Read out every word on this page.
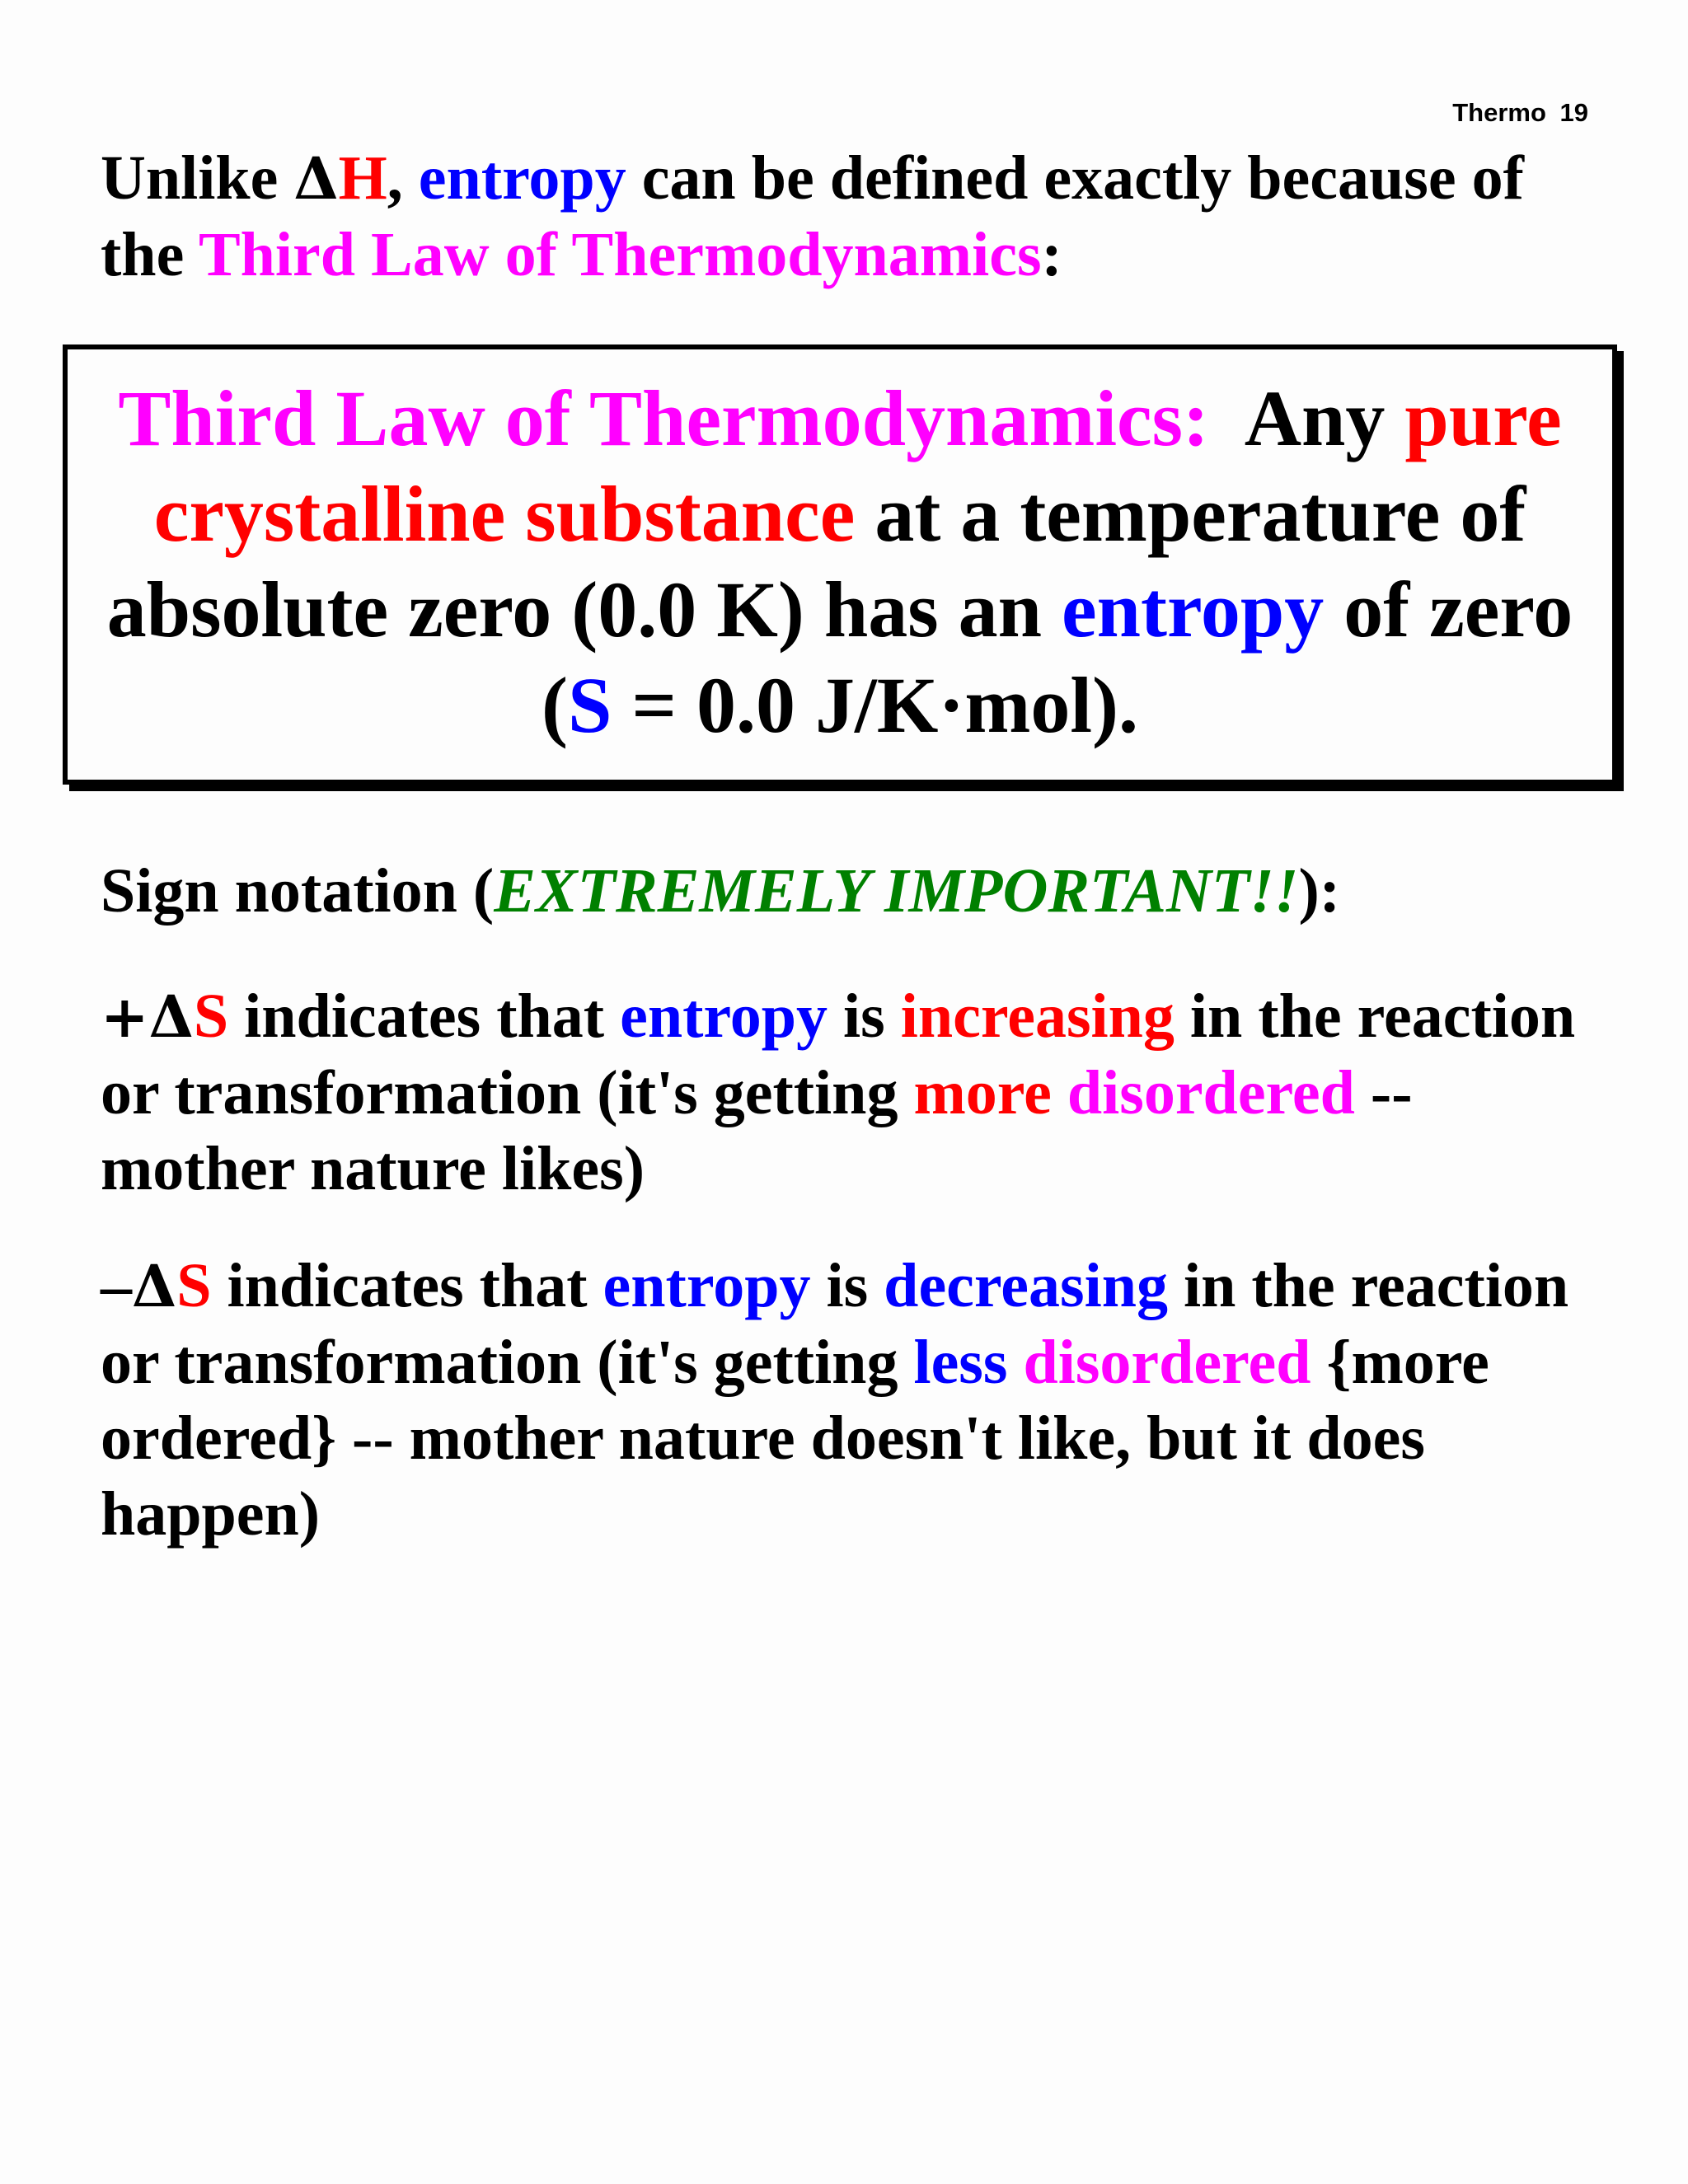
Thermo 19

Unlike ΔH, entropy can be defined exactly because of the Third Law of Thermodynamics:

Third Law of Thermodynamics:  Any pure crystalline substance at a temperature of absolute zero (0.0 K) has an entropy of zero (S = 0.0 J/K·mol).

Sign notation (EXTREMELY IMPORTANT!!):

+ΔS indicates that entropy is increasing in the reaction or transformation (it's getting more disordered -- mother nature likes)

–ΔS indicates that entropy is decreasing in the reaction or transformation (it's getting less disordered {more ordered} -- mother nature doesn't like, but it does happen)
